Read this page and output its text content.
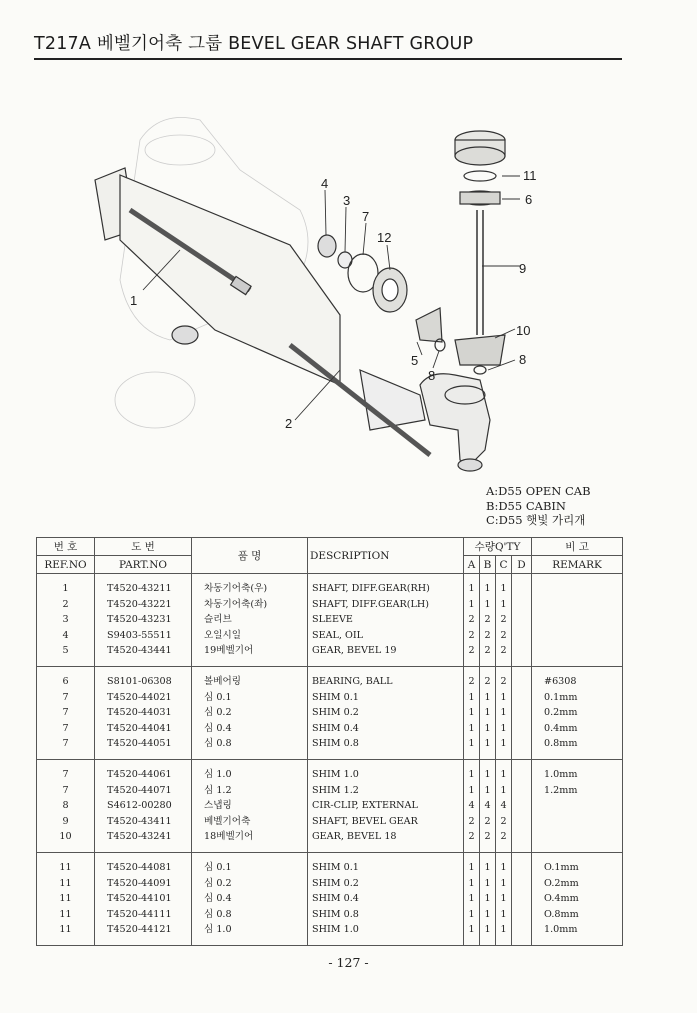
T217A 베벨기어축 그룹 BEVEL GEAR SHAFT GROUP
1
2
3
4
5
6
7
8
8
9
10
11
12
A:D55 OPEN CAB
B:D55 CABIN
C:D55 햇빛 가리개
번 호	도 번	품 명	DESCRIPTION	수량Q'TY				비 고
REF.NO	PART.NO			A	B	C	D	REMARK
1	T4520-43211	차동기어축(우)	SHAFT, DIFF.GEAR(RH)	1	1	1		
2	T4520-43221	차동기어축(좌)	SHAFT, DIFF.GEAR(LH)	1	1	1		
3	T4520-43231	슬리브	SLEEVE	2	2	2		
4	S9403-55511	오일시일	SEAL, OIL	2	2	2		
5	T4520-43441	19베벨기어	GEAR, BEVEL 19	2	2	2		
6	S8101-06308	볼베어링	BEARING, BALL	2	2	2		#6308
7	T4520-44021	심 0.1	SHIM 0.1	1	1	1		0.1mm
7	T4520-44031	심 0.2	SHIM 0.2	1	1	1		0.2mm
7	T4520-44041	심 0.4	SHIM 0.4	1	1	1		0.4mm
7	T4520-44051	심 0.8	SHIM 0.8	1	1	1		0.8mm
7	T4520-44061	심 1.0	SHIM 1.0	1	1	1		1.0mm
7	T4520-44071	심 1.2	SHIM 1.2	1	1	1		1.2mm
8	S4612-00280	스냅링	CIR-CLIP, EXTERNAL	4	4	4		
9	T4520-43411	베벨기어축	SHAFT, BEVEL GEAR	2	2	2		
10	T4520-43241	18베벨기어	GEAR, BEVEL 18	2	2	2		
11	T4520-44081	심 0.1	SHIM 0.1	1	1	1		O.1mm
11	T4520-44091	심 0.2	SHIM 0.2	1	1	1		O.2mm
11	T4520-44101	심 0.4	SHIM 0.4	1	1	1		O.4mm
11	T4520-44111	심 0.8	SHIM 0.8	1	1	1		O.8mm
11	T4520-44121	심 1.0	SHIM 1.0	1	1	1		1.0mm
- 127 -
